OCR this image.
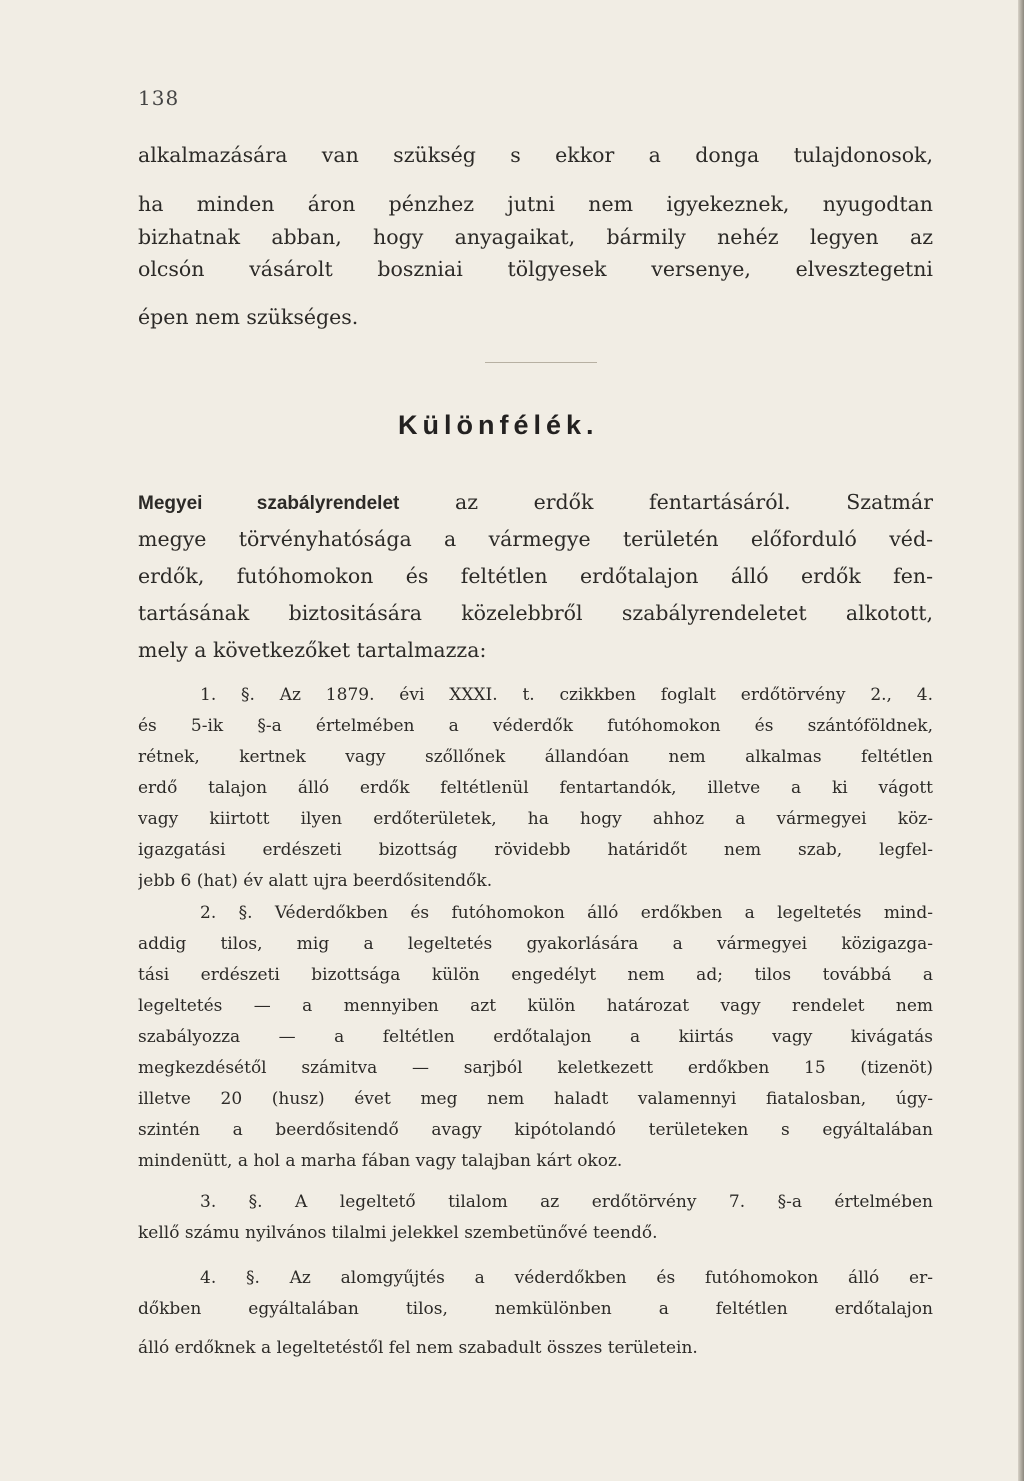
138
alkalmazására van szükség s ekkor a donga tulajdonosok,
ha minden áron pénzhez jutni nem igyekeznek, nyugodtan
bizhatnak abban, hogy anyagaikat, bármily nehéz legyen az
olcsón vásárolt boszniai tölgyesek versenye, elvesztegetni
épen nem szükséges.
Különfélék.
Megyei szabályrendelet az erdők fentartásáról. Szatmár
megye törvényhatósága a vármegye területén előforduló véd-
erdők, futóhomokon és feltétlen erdőtalajon álló erdők fen-
tartásának biztositására közelebbről szabályrendeletet alkotott,
mely a következőket tartalmazza:
1. §. Az 1879. évi XXXI. t. czikkben foglalt erdőtörvény 2., 4.
és 5-ik §-a értelmében a véderdők futóhomokon és szántóföldnek,
rétnek, kertnek vagy szőllőnek állandóan nem alkalmas feltétlen
erdő talajon álló erdők feltétlenül fentartandók, illetve a ki vágott
vagy kiirtott ilyen erdőterületek, ha hogy ahhoz a vármegyei köz-
igazgatási erdészeti bizottság rövidebb határidőt nem szab, legfel-
jebb 6 (hat) év alatt ujra beerdősitendők.
2. §. Véderdőkben és futóhomokon álló erdőkben a legeltetés mind-
addig tilos, mig a legeltetés gyakorlására a vármegyei közigazga-
tási erdészeti bizottsága külön engedélyt nem ad; tilos továbbá a
legeltetés — a mennyiben azt külön határozat vagy rendelet nem
szabályozza — a feltétlen erdőtalajon a kiirtás vagy kivágatás
megkezdésétől számitva — sarjból keletkezett erdőkben 15 (tizenöt)
illetve 20 (husz) évet meg nem haladt valamennyi fiatalosban, úgy-
szintén a beerdősitendő avagy kipótolandó területeken s egyáltalában
mindenütt, a hol a marha fában vagy talajban kárt okoz.
3. §. A legeltető tilalom az erdőtörvény 7. §-a értelmében
kellő számu nyilvános tilalmi jelekkel szembetünővé teendő.
4. §. Az alomgyűjtés a véderdőkben és futóhomokon álló er-
dőkben egyáltalában tilos, nemkülönben a feltétlen erdőtalajon
álló erdőknek a legeltetéstől fel nem szabadult összes területein.
